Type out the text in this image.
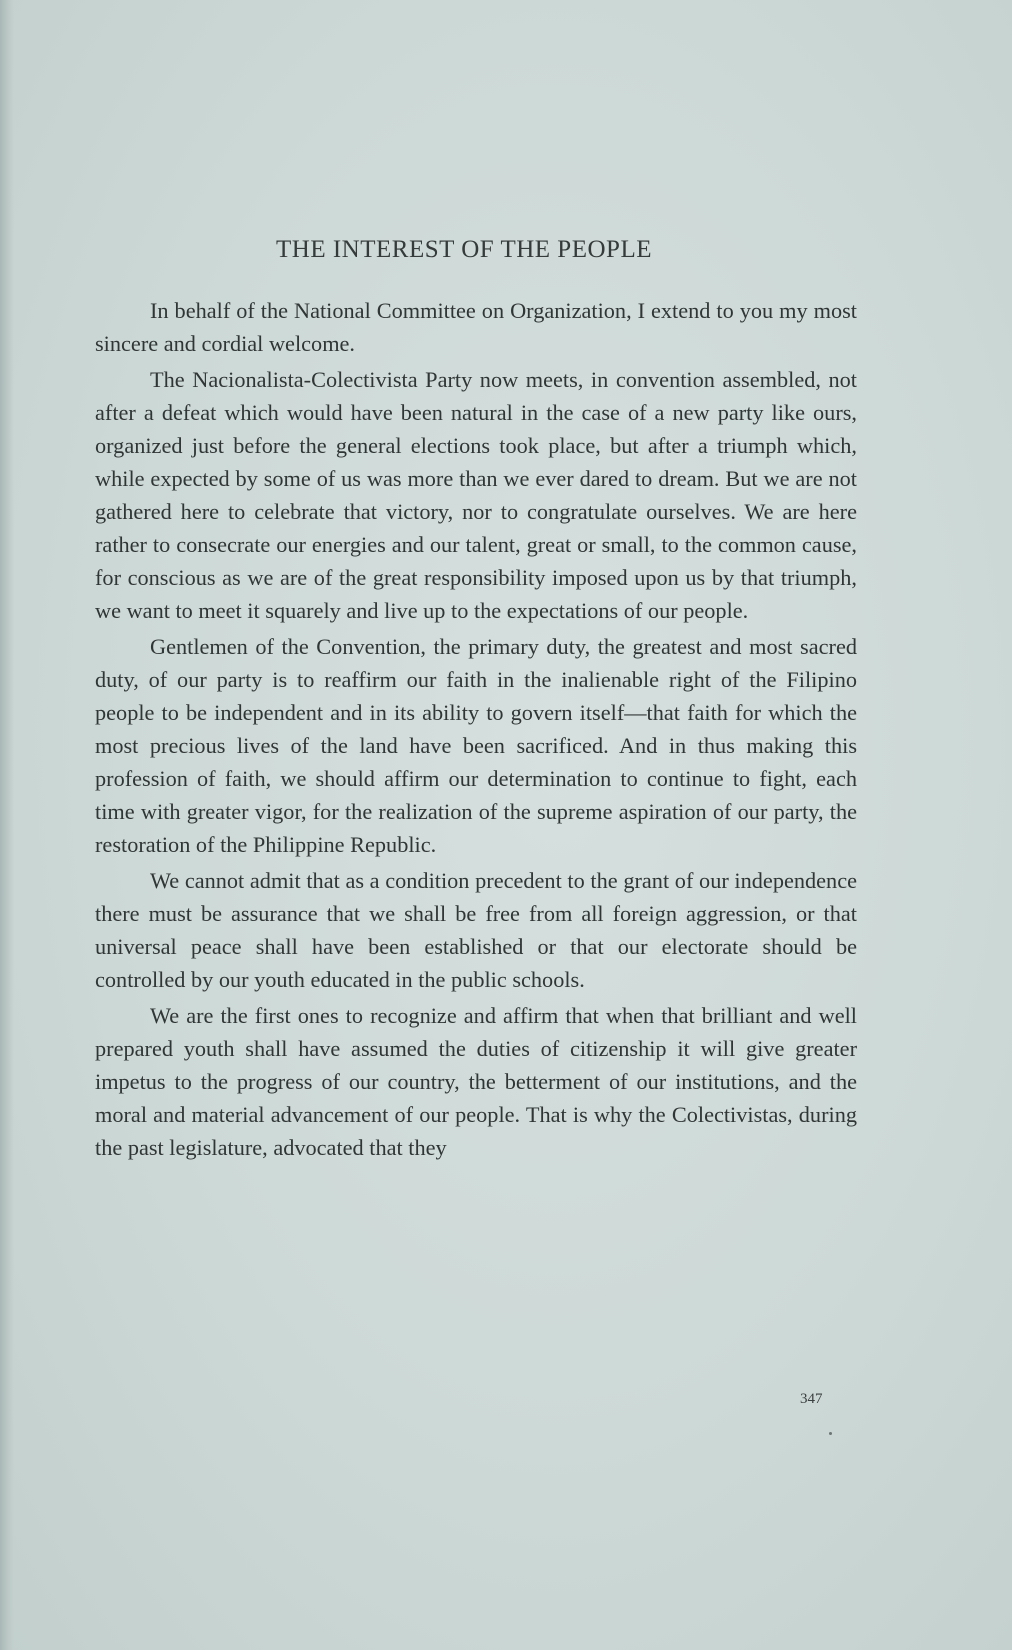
THE INTEREST OF THE PEOPLE

In behalf of the National Committee on Organization, I extend to you my most sincere and cordial welcome.

The Nacionalista-Colectivista Party now meets, in convention assembled, not after a defeat which would have been natural in the case of a new party like ours, organized just before the general elections took place, but after a triumph which, while expected by some of us was more than we ever dared to dream. But we are not gathered here to celebrate that victory, nor to congratulate ourselves. We are here rather to consecrate our energies and our talent, great or small, to the common cause, for conscious as we are of the great responsibility imposed upon us by that triumph, we want to meet it squarely and live up to the expectations of our people.

Gentlemen of the Convention, the primary duty, the greatest and most sacred duty, of our party is to reaffirm our faith in the inalienable right of the Filipino people to be independent and in its ability to govern itself—that faith for which the most precious lives of the land have been sacrificed. And in thus making this profession of faith, we should affirm our determination to continue to fight, each time with greater vigor, for the realization of the supreme aspiration of our party, the restoration of the Philippine Republic.

We cannot admit that as a condition precedent to the grant of our independence there must be assurance that we shall be free from all foreign aggression, or that universal peace shall have been established or that our electorate should be controlled by our youth educated in the public schools.

We are the first ones to recognize and affirm that when that brilliant and well prepared youth shall have assumed the duties of citizenship it will give greater impetus to the progress of our country, the betterment of our institutions, and the moral and material advancement of our people. That is why the Colectivistas, during the past legislature, advocated that they

347
